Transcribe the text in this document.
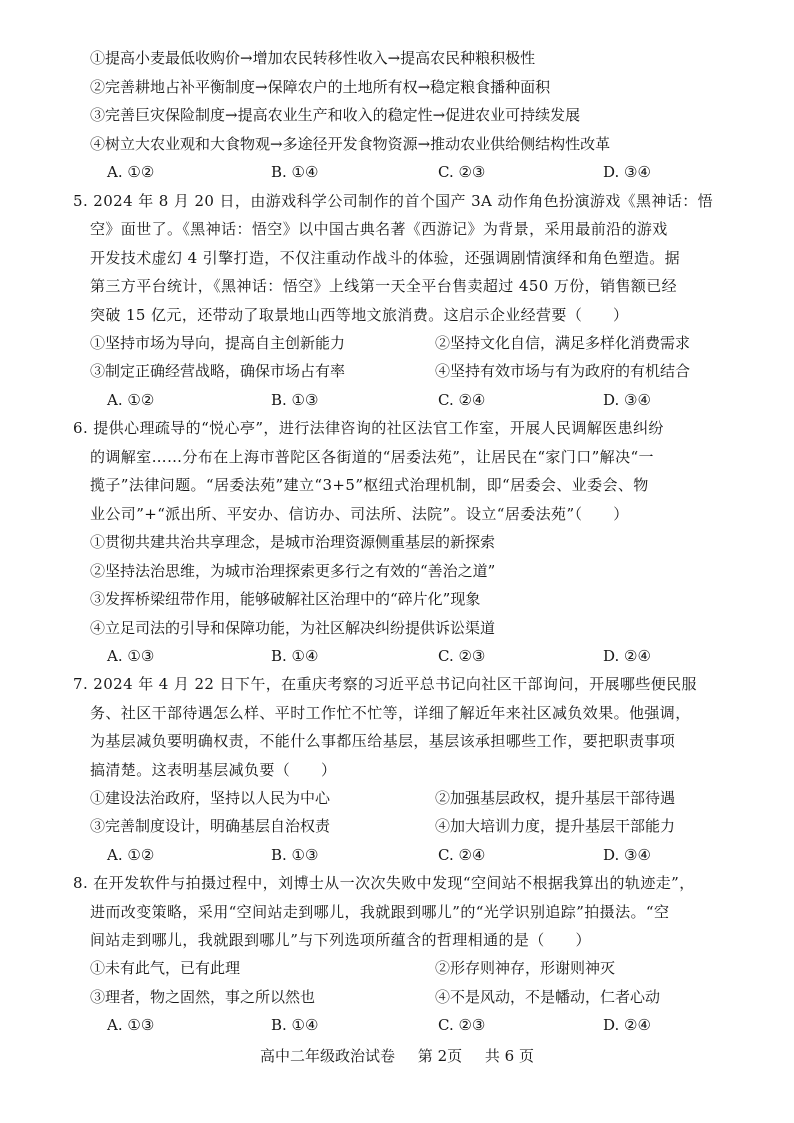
①提高小麦最低收购价→增加农民转移性收入→提高农民种粮积极性
②完善耕地占补平衡制度→保障农户的土地所有权→稳定粮食播种面积
③完善巨灾保险制度→提高农业生产和收入的稳定性→促进农业可持续发展
④树立大农业观和大食物观→多途径开发食物资源→推动农业供给侧结构性改革
A. ①②	B. ①④	C. ②③	D. ③④
5. 2024 年 8 月 20 日，由游戏科学公司制作的首个国产 3A 动作角色扮演游戏《黑神话：悟
空》面世了。《黑神话：悟空》以中国古典名著《西游记》为背景，采用最前沿的游戏
开发技术虚幻 4 引擎打造，不仅注重动作战斗的体验，还强调剧情演绎和角色塑造。据
第三方平台统计，《黑神话：悟空》上线第一天全平台售卖超过 450 万份，销售额已经
突破 15 亿元，还带动了取景地山西等地文旅消费。这启示企业经营要（　　）
①坚持市场为导向，提高自主创新能力	②坚持文化自信，满足多样化消费需求
③制定正确经营战略，确保市场占有率	④坚持有效市场与有为政府的有机结合
A. ①②	B. ①③	C. ②④	D. ③④
6. 提供心理疏导的“悦心亭”，进行法律咨询的社区法官工作室，开展人民调解医患纠纷
的调解室……分布在上海市普陀区各街道的“居委法苑”，让居民在“家门口”解决“一
揽子”法律问题。“居委法苑”建立“3+5”枢纽式治理机制，即“居委会、业委会、物
业公司”+“派出所、平安办、信访办、司法所、法院”。设立“居委法苑”（　　）
①贯彻共建共治共享理念，是城市治理资源侧重基层的新探索
②坚持法治思维，为城市治理探索更多行之有效的“善治之道”
③发挥桥梁纽带作用，能够破解社区治理中的“碎片化”现象
④立足司法的引导和保障功能，为社区解决纠纷提供诉讼渠道
A. ①③	B. ①④	C. ②③	D. ②④
7. 2024 年 4 月 22 日下午，在重庆考察的习近平总书记向社区干部询问，开展哪些便民服
务、社区干部待遇怎么样、平时工作忙不忙等，详细了解近年来社区减负效果。他强调，
为基层减负要明确权责，不能什么事都压给基层，基层该承担哪些工作，要把职责事项
搞清楚。这表明基层减负要（　　）
①建设法治政府，坚持以人民为中心	②加强基层政权，提升基层干部待遇
③完善制度设计，明确基层自治权责	④加大培训力度，提升基层干部能力
A. ①②	B. ①③	C. ②④	D. ③④
8. 在开发软件与拍摄过程中，刘博士从一次次失败中发现“空间站不根据我算出的轨迹走”，
进而改变策略，采用“空间站走到哪儿，我就跟到哪儿”的“光学识别追踪”拍摄法。“空
间站走到哪儿，我就跟到哪儿”与下列选项所蕴含的哲理相通的是（　　）
①未有此气，已有此理	②形存则神存，形谢则神灭
③理者，物之固然，事之所以然也	④不是风动，不是幡动，仁者心动
A. ①③	B. ①④	C. ②③	D. ②④
高中二年级政治试卷 第 2页 共 6 页
